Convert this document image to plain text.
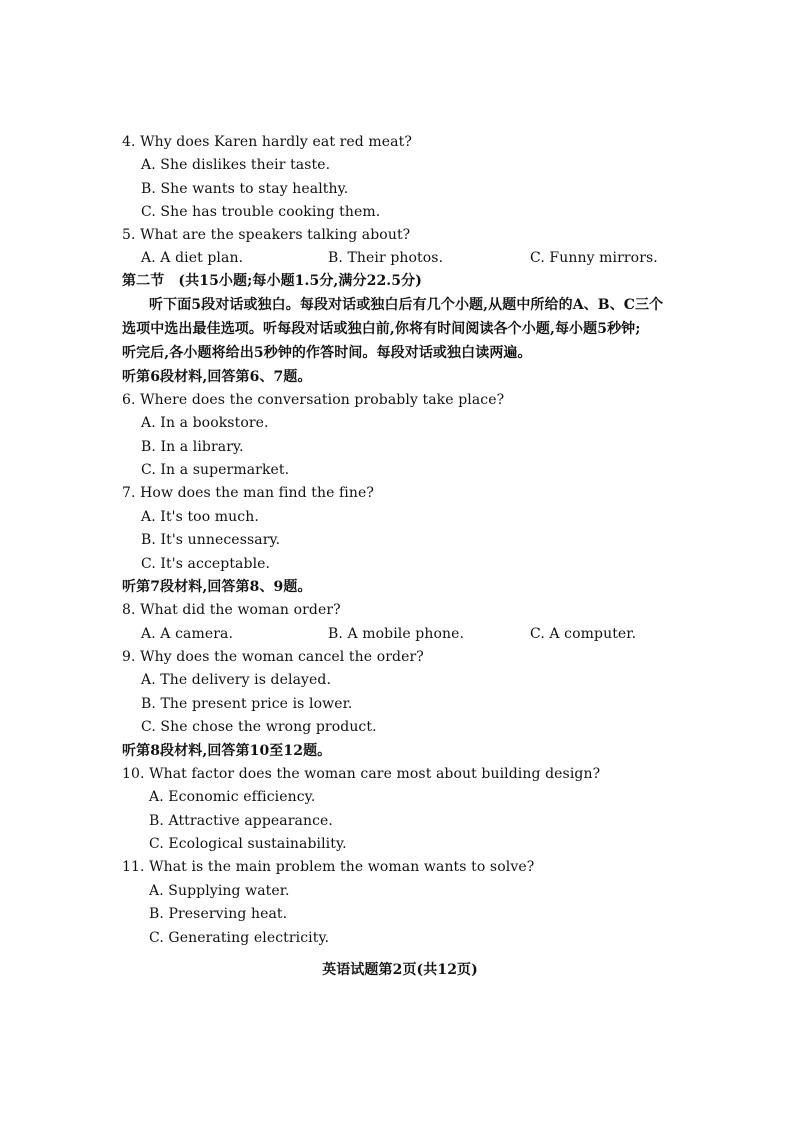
4. Why does Karen hardly eat red meat?
A. She dislikes their taste.
B. She wants to stay healthy.
C. She has trouble cooking them.
5. What are the speakers talking about?
A. A diet plan.	B. Their photos.	C. Funny mirrors.
第二节　(共15小题;每小题1.5分,满分22.5分)
听下面5段对话或独白。每段对话或独白后有几个小题,从题中所给的A、B、C三个
选项中选出最佳选项。听每段对话或独白前,你将有时间阅读各个小题,每小题5秒钟;
听完后,各小题将给出5秒钟的作答时间。每段对话或独白读两遍。
听第6段材料,回答第6、7题。
6. Where does the conversation probably take place?
A. In a bookstore.
B. In a library.
C. In a supermarket.
7. How does the man find the fine?
A. It's too much.
B. It's unnecessary.
C. It's acceptable.
听第7段材料,回答第8、9题。
8. What did the woman order?
A. A camera.	B. A mobile phone.	C. A computer.
9. Why does the woman cancel the order?
A. The delivery is delayed.
B. The present price is lower.
C. She chose the wrong product.
听第8段材料,回答第10至12题。
10. What factor does the woman care most about building design?
A. Economic efficiency.
B. Attractive appearance.
C. Ecological sustainability.
11. What is the main problem the woman wants to solve?
A. Supplying water.
B. Preserving heat.
C. Generating electricity.
英语试题第2页(共12页)
